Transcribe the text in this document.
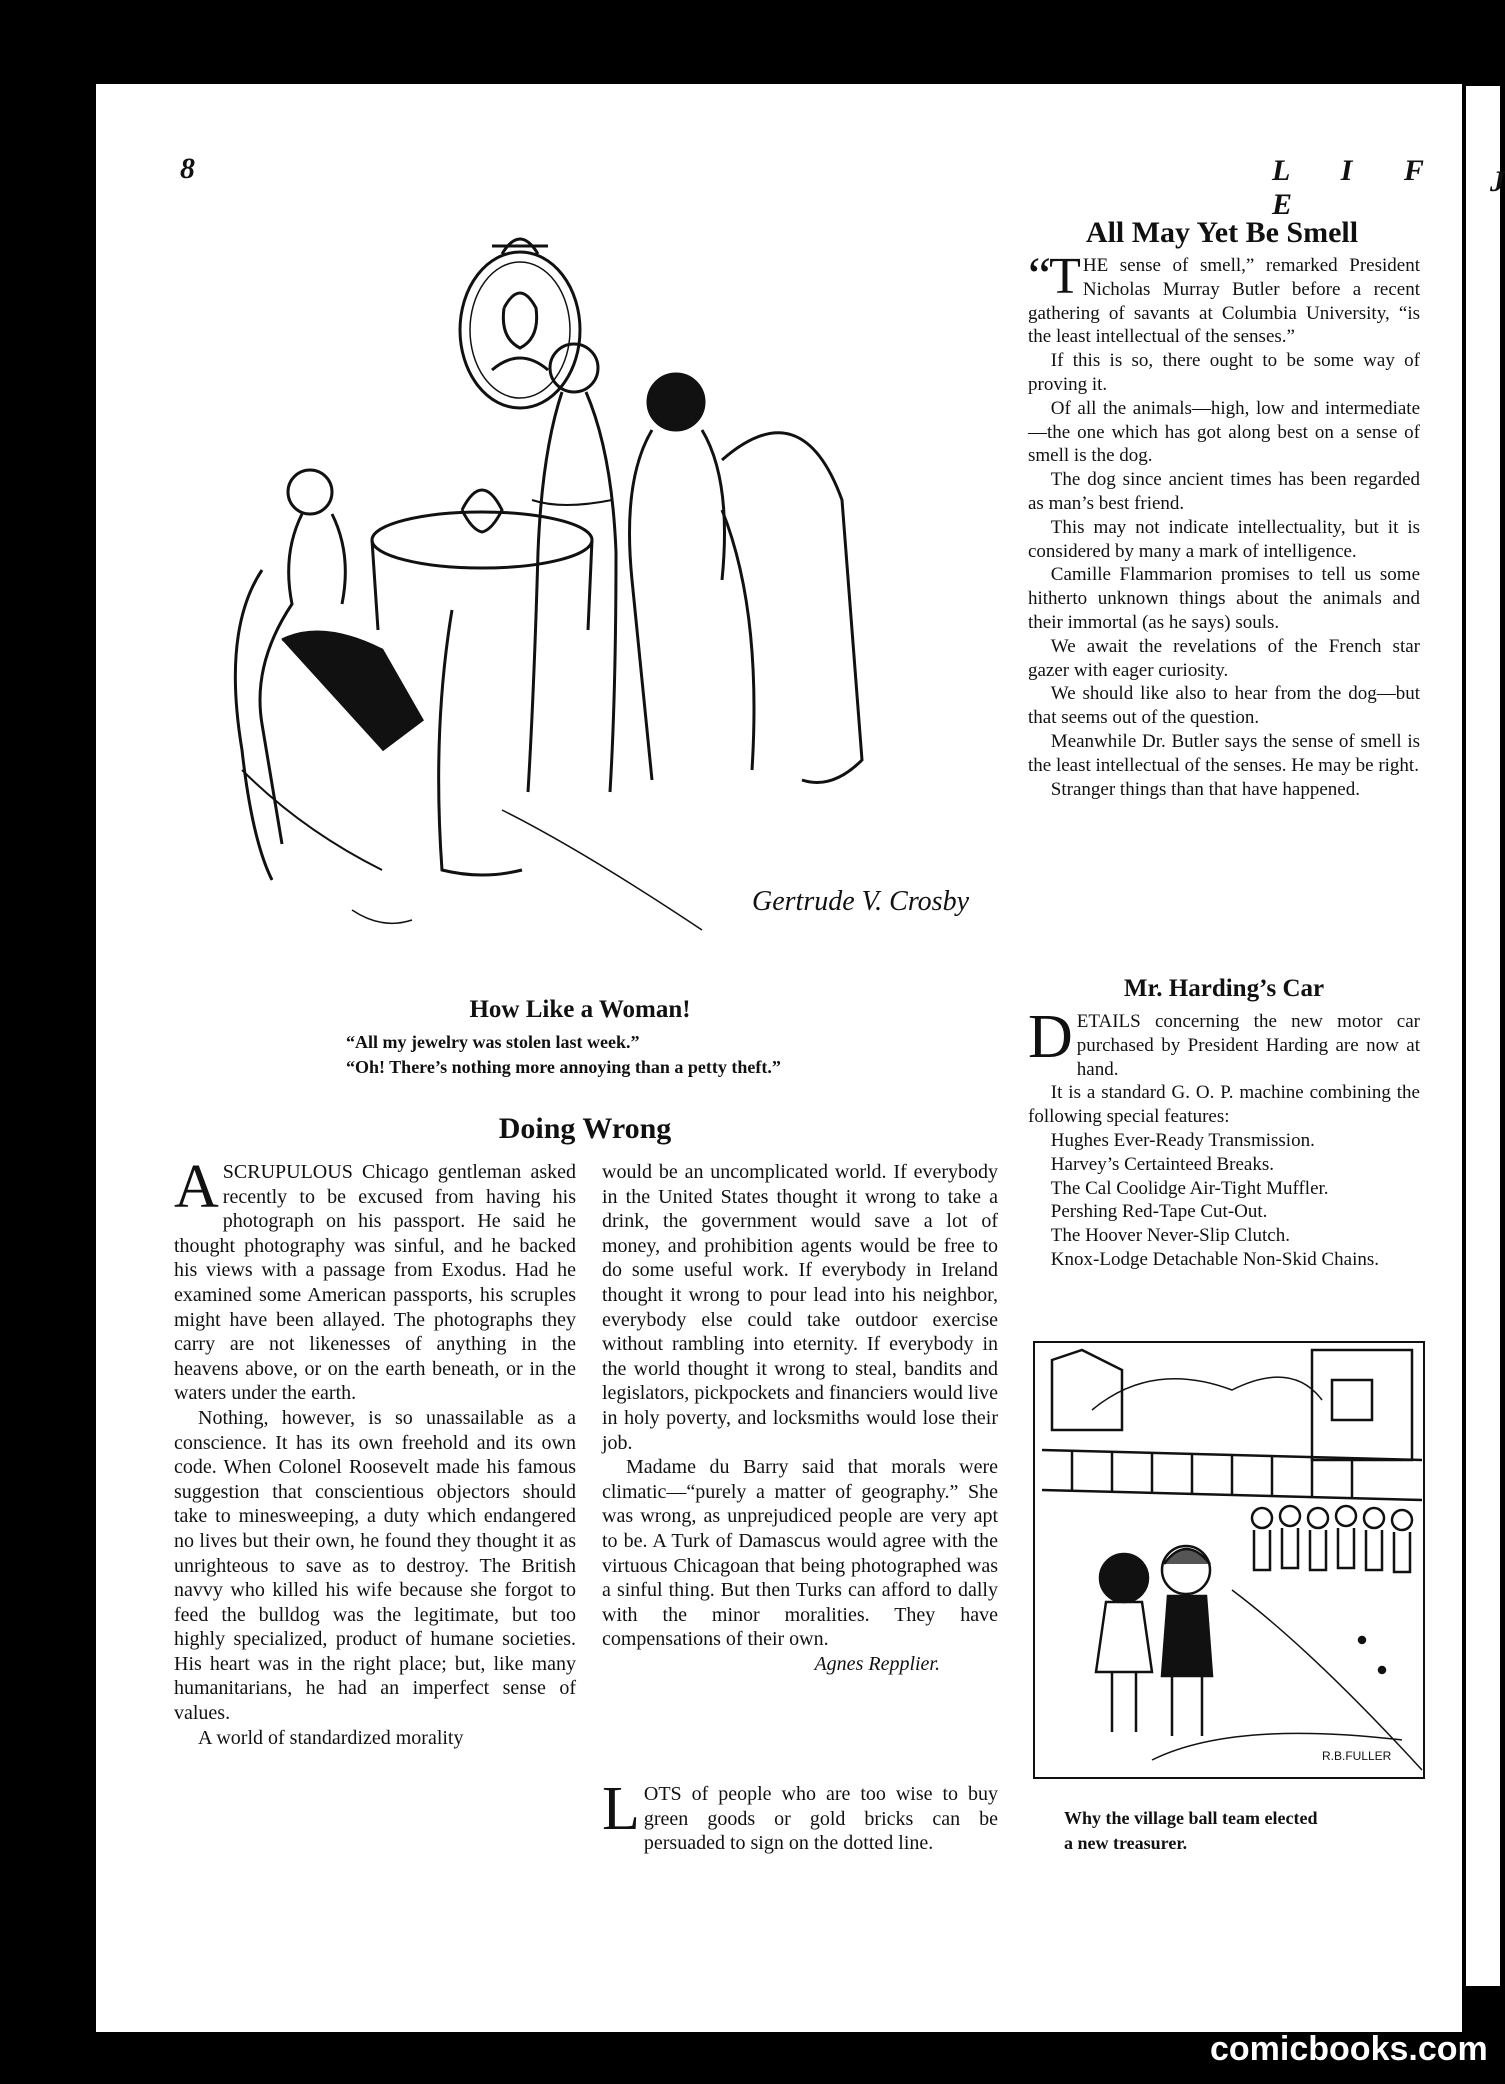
J
8	L I F E
Gertrude V. Crosby
How Like a Woman!
“All my jewelry was stolen last week.”
“Oh! There’s nothing more annoying than a petty theft.”
Doing Wrong

A SCRUPULOUS Chicago gentleman asked recently to be excused from having his photograph on his passport. He said he thought photography was sinful, and he backed his views with a passage from Exodus. Had he examined some American passports, his scruples might have been allayed. The photographs they carry are not likenesses of anything in the heavens above, or on the earth beneath, or in the waters under the earth.

Nothing, however, is so unassailable as a conscience. It has its own freehold and its own code. When Colonel Roosevelt made his famous suggestion that conscientious objectors should take to minesweeping, a duty which endangered no lives but their own, he found they thought it as unrighteous to save as to destroy. The British navvy who killed his wife because she forgot to feed the bulldog was the legitimate, but too highly specialized, product of humane societies. His heart was in the right place; but, like many humanitarians, he had an imperfect sense of values.

A world of standardized morality

would be an uncomplicated world. If everybody in the United States thought it wrong to take a drink, the government would save a lot of money, and prohibition agents would be free to do some useful work. If everybody in Ireland thought it wrong to pour lead into his neighbor, everybody else could take outdoor exercise without rambling into eternity. If everybody in the world thought it wrong to steal, bandits and legislators, pickpockets and financiers would live in holy poverty, and locksmiths would lose their job.

Madame du Barry said that morals were climatic—“purely a matter of geography.” She was wrong, as unprejudiced people are very apt to be. A Turk of Damascus would agree with the virtuous Chicagoan that being photographed was a sinful thing. But then Turks can afford to dally with the minor moralities. They have compensations of their own.

Agnes Repplier.

LOTS of people who are too wise to buy green goods or gold bricks can be persuaded to sign on the dotted line.

All May Yet Be Smell

“THE sense of smell,” remarked President Nicholas Murray Butler before a recent gathering of savants at Columbia University, “is the least intellectual of the senses.”

If this is so, there ought to be some way of proving it.

Of all the animals—high, low and intermediate—the one which has got along best on a sense of smell is the dog.

The dog since ancient times has been regarded as man’s best friend.

This may not indicate intellectuality, but it is considered by many a mark of intelligence.

Camille Flammarion promises to tell us some hitherto unknown things about the animals and their immortal (as he says) souls.

We await the revelations of the French star gazer with eager curiosity.

We should like also to hear from the dog—but that seems out of the question.

Meanwhile Dr. Butler says the sense of smell is the least intellectual of the senses. He may be right.

Stranger things than that have happened.

Mr. Harding’s Car

DETAILS concerning the new motor car purchased by President Harding are now at hand.

It is a standard G. O. P. machine combining the following special features:

Hughes Ever-Ready Transmission.

Harvey’s Certainteed Breaks.

The Cal Coolidge Air-Tight Muffler.

Pershing Red-Tape Cut-Out.

The Hoover Never-Slip Clutch.

Knox-Lodge Detachable Non-Skid Chains.

R.B.FULLER
Why the village ball team elected
a new treasurer.
comicbooks.com
